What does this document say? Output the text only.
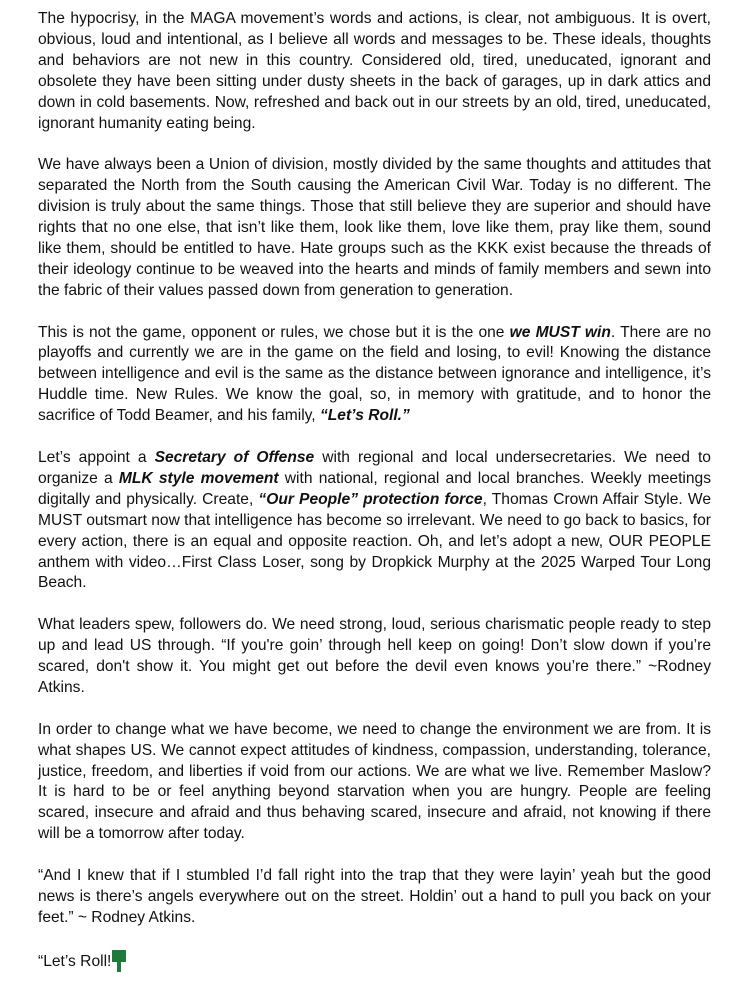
The hypocrisy, in the MAGA movement’s words and actions, is clear, not ambiguous. It is overt, obvious, loud and intentional, as I believe all words and messages to be. These ideals, thoughts and behaviors are not new in this country. Considered old, tired, uneducated, ignorant and obsolete they have been sitting under dusty sheets in the back of garages, up in dark attics and down in cold basements. Now, refreshed and back out in our streets by an old, tired, uneducated, ignorant humanity eating being.

We have always been a Union of division, mostly divided by the same thoughts and attitudes that separated the North from the South causing the American Civil War. Today is no different. The division is truly about the same things. Those that still believe they are superior and should have rights that no one else, that isn’t like them, look like them, love like them, pray like them, sound like them, should be entitled to have. Hate groups such as the KKK exist because the threads of their ideology continue to be weaved into the hearts and minds of family members and sewn into the fabric of their values passed down from generation to generation.

This is not the game, opponent or rules, we chose but it is the one we MUST win. There are no playoffs and currently we are in the game on the field and losing, to evil! Knowing the distance between intelligence and evil is the same as the distance between ignorance and intelligence, it’s Huddle time. New Rules. We know the goal, so, in memory with gratitude, and to honor the sacrifice of Todd Beamer, and his family, “Let’s Roll.”

Let’s appoint a Secretary of Offense with regional and local undersecretaries. We need to organize a MLK style movement with national, regional and local branches. Weekly meetings digitally and physically. Create, “Our People” protection force, Thomas Crown Affair Style. We MUST outsmart now that intelligence has become so irrelevant. We need to go back to basics, for every action, there is an equal and opposite reaction. Oh, and let’s adopt a new, OUR PEOPLE anthem with video…First Class Loser, song by Dropkick Murphy at the 2025 Warped Tour Long Beach.

What leaders spew, followers do. We need strong, loud, serious charismatic people ready to step up and lead US through. “If you're goin’ through hell keep on going! Don’t slow down if you’re scared, don't show it. You might get out before the devil even knows you’re there.” ~Rodney Atkins.

In order to change what we have become, we need to change the environment we are from. It is what shapes US. We cannot expect attitudes of kindness, compassion, understanding, tolerance, justice, freedom, and liberties if void from our actions. We are what we live. Remember Maslow? It is hard to be or feel anything beyond starvation when you are hungry. People are feeling scared, insecure and afraid and thus behaving scared, insecure and afraid, not knowing if there will be a tomorrow after today.

“And I knew that if I stumbled I’d fall right into the trap that they were layin’ yeah but the good news is there’s angels everywhere out on the street. Holdin’ out a hand to pull you back on your feet.” ~ Rodney Atkins.

“Let’s Roll!
